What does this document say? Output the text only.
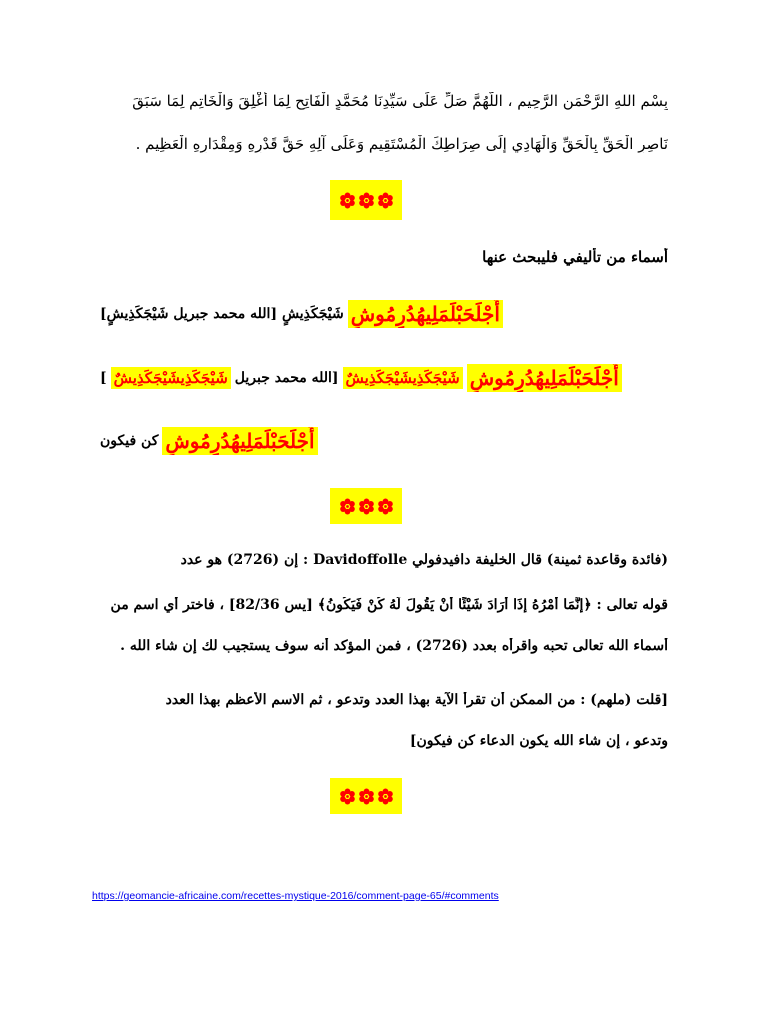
بِسْمِ اللهِ الرَّحْمَنِ الرَّحِيمِ ، اللَّهُمَّ صَلِّ عَلَى سَيِّدِنَا مُحَمَّدٍ الْفَاتِحِ لِمَا أُغْلِقَ وَالْخَاتِمِ لِمَا سَبَقَ
نَاصِرِ الْحَقِّ بِالْحَقِّ وَالْهَادِي إِلَى صِرَاطِكَ الْمُسْتَقِيمِ وَعَلَى آلِهِ حَقَّ قَدْرِهِ وَمِقْدَارِهِ الْعَظِيمِ .
أسماء من تأليفي فليبحث عنها
أَجْلَحَبْلَمَلِيهُدُرِمُوشٍ
شَيْجَكَذِيشٍ [الله محمد جبريل شَيْجَكَذِيشٍ]
أَجْلَحَبْلَمَلِيهُدُرِمُوشٍ
شَيْجَكَذِيشَيْجَكَذِيشٌ
[الله محمد جبريل
شَيْجَكَذِيشَيْجَكَذِيشٌ
]
أَجْلَحَبْلَمَلِيهُدُرِمُوشٍ
كن فيكون
(فائدة وقاعدة ثمينة) قال الخليفة دافيدفولي Davidoffolle : إن (2726) هو عدد
قوله تعالى : ﴿إِنَّمَا أَمْرُهُ إِذَا أَرَادَ شَيْئًا أَنْ يَقُولَ لَهُ كُنْ فَيَكُونُ﴾ [يس 82/36] ، فاختر أي اسم من
أسماء الله تعالى تحبه واقرأه بعدد (2726) ، فمن المؤكد أنه سوف يستجيب لك إن شاء الله .
[قلت (ملهم) : من الممكن أن تقرأ الآية بهذا العدد وتدعو ، ثم الاسم الأعظم بهذا العدد
وتدعو ، إن شاء الله يكون الدعاء كن فيكون]
https://geomancie-africaine.com/recettes-mystique-2016/comment-page-65/#comments
